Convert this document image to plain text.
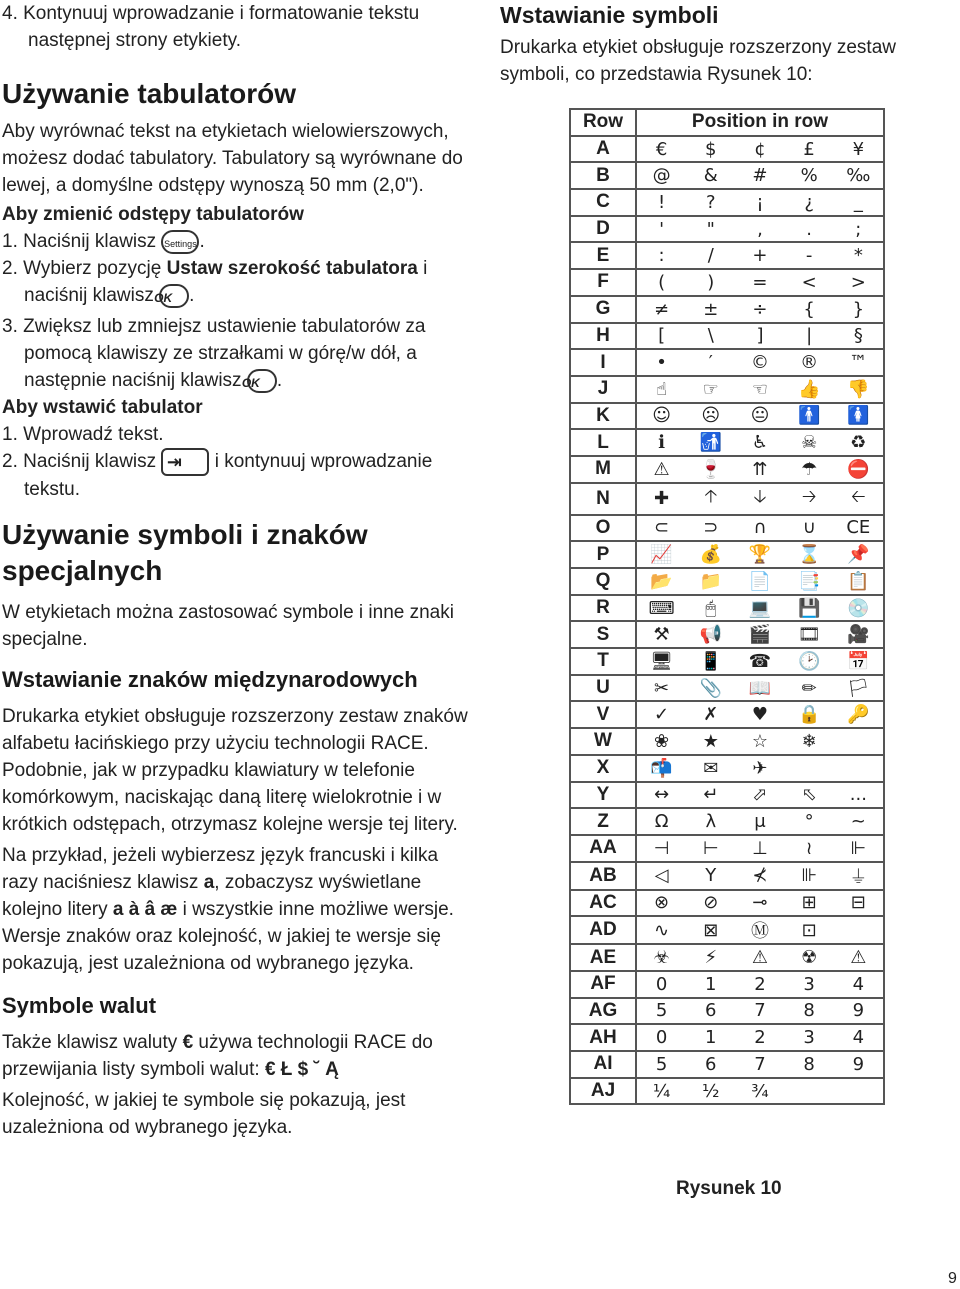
4. Kontynuuj wprowadzanie i formatowanie tekstu następnej strony etykiety.

Używanie tabulatorów

Aby wyrównać tekst na etykietach wielowierszowych, możesz dodać tabulatory. Tabulatory są wyrównane do lewej, a domyślne odstępy wynoszą 50 mm (2,0").

Aby zmienić odstępy tabulatorów

1. Naciśnij klawisz Settings .

2. Wybierz pozycję Ustaw szerokość tabulatora i naciśnij klawisz OK .

3. Zwiększ lub zmniejsz ustawienie tabulatorów za pomocą klawiszy ze strzałkami w górę/w dół, a następnie naciśnij klawisz OK .

Aby wstawić tabulator

1. Wprowadź tekst.

2. Naciśnij klawisz ⇥ i kontynuuj wprowadzanie tekstu.

Używanie symboli i znaków specjalnych

W etykietach można zastosować symbole i inne znaki specjalne.

Wstawianie znaków międzynarodowych

Drukarka etykiet obsługuje rozszerzony zestaw znaków alfabetu łacińskiego przy użyciu technologii RACE. Podobnie, jak w przypadku klawiatury w telefonie komórkowym, naciskając daną literę wielokrotnie i w krótkich odstępach, otrzymasz kolejne wersje tej litery.

Na przykład, jeżeli wybierzesz język francuski i kilka razy naciśniesz klawisz a, zobaczysz wyświetlane kolejno litery a à â æ i wszystkie inne możliwe wersje. Wersje znaków oraz kolejność, w jakiej te wersje się pokazują, jest uzależniona od wybranego języka.

Symbole walut

Także klawisz waluty € używa technologii RACE do przewijania listy symboli walut: € Ł $ ˘ Ą

Kolejność, w jakiej te symbole się pokazują, jest uzależniona od wybranego języka.

Wstawianie symboli

Drukarka etykiet obsługuje rozszerzony zestaw symboli, co przedstawia Rysunek 10:

Row	Position in row
A	€ $ ¢ £ ¥

B	@ & # % ‰

C	! ? ¡ ¿ _

D	' " , . ;

E	: / + - *

F	( ) = < >

G	≠ ± ÷ { }

H	[ \ ] | §

I	• ′ © ® ™

J	☝ ☞ ☜ 👍 👎

K	☺ ☹ 😐 🚹 🚺

L	ℹ 🚮 ♿ ☠ ♻

M	⚠ 🍷 ⇈ ☂ ⛔

N	✚ 🡡 🡣 🡢 🡠

O	⊂ ⊃ ∩ ∪ CE

P	📈 💰 🏆 ⌛ 📌

Q	📂 📁 📄 📑 📋

R	⌨ 🖱 💻 💾 💿

S	⚒ 📢 🎬 🎞 🎥

T	🖥 📱 ☎ 🕑 📅

U	✂ 📎 📖 ✏ 🏳

V	✓ ✗ ♥ 🔒 🔑

W	❀ ★ ☆ ❄

X	📬 ✉ ✈

Y	↔ ↵ ⬀ ⬁ ...

Z	Ω λ μ ° ~

AA	⊣ ⊢ ⊥ ≀ ⊩

AB	◁ Y ⊀ ⊪ ⏚

AC	⊗ ⊘ ⊸ ⊞ ⊟

AD	∿ ⊠ Ⓜ ⊡

AE	☣ ⚡ ⚠ ☢ ⚠

AF	0 1 2 3 4

AG	5 6 7 8 9

AH	0 1 2 3 4

AI	5 6 7 8 9

AJ	¼ ½ ¾
Rysunek 10
9
